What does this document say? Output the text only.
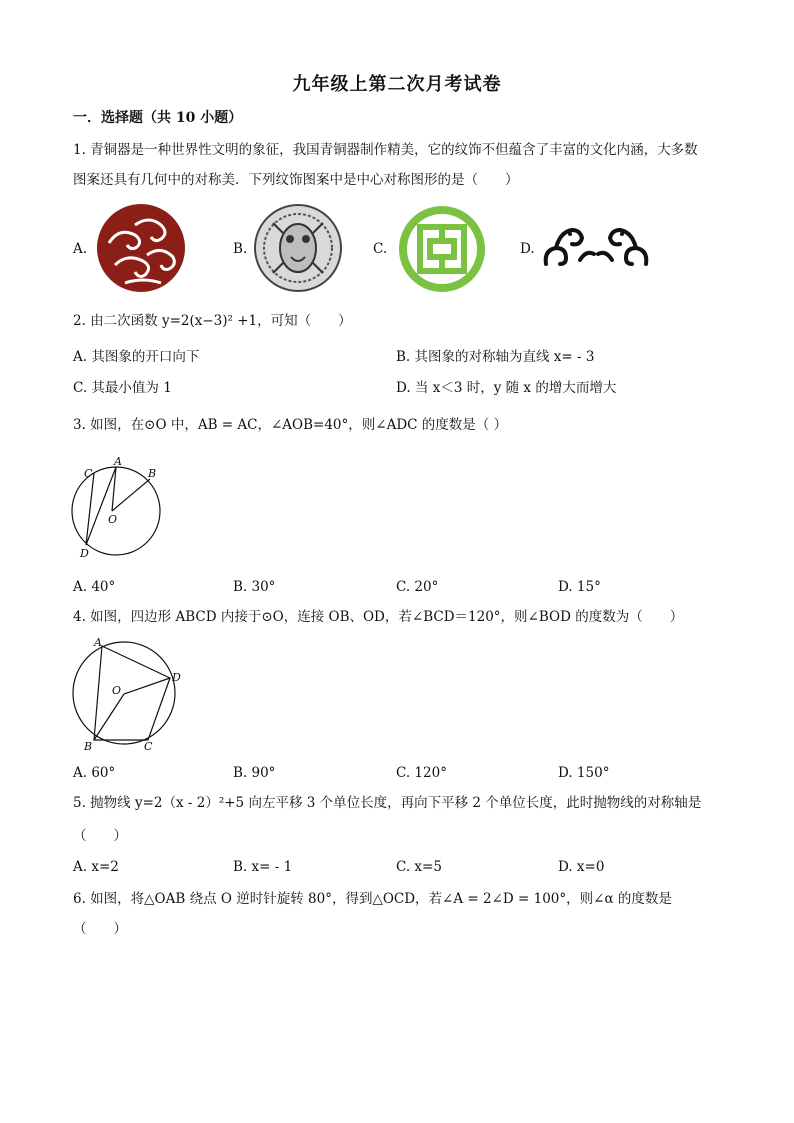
九年级上第二次月考试卷
一．选择题（共 10 小题）
1. 青铜器是一种世界性文明的象征，我国青铜器制作精美，它的纹饰不但蕴含了丰富的文化内涵，大多数
图案还具有几何中的对称美．下列纹饰图案中是中心对称图形的是（　　）
A.	B.	C.	D.
2. 由二次函数 y=2(x−3)² +1，可知（　　）
A. 其图象的开口向下	B. 其图象的对称轴为直线 x= - 3
C. 其最小值为 1	D. 当 x＜3 时，y 随 x 的增大而增大
3. 如图，在⊙O 中，AB = AC，∠AOB=40°，则∠ADC 的度数是（ ）
C
A
B
O
D
A. 40°	B. 30°	C. 20°	D. 15°
4. 如图，四边形 ABCD 内接于⊙O，连接 OB、OD，若∠BCD＝120°，则∠BOD 的度数为（　　）
A
D
O
B	C
A. 60°	B. 90°	C. 120°	D. 150°
5. 抛物线 y=2（x - 2）²+5 向左平移 3 个单位长度，再向下平移 2 个单位长度，此时抛物线的对称轴是
（　　）
A. x=2	B. x= - 1	C. x=5	D. x=0
6. 如图，将△OAB 绕点 O 逆时针旋转 80°，得到△OCD，若∠A = 2∠D = 100°，则∠α 的度数是
（　　）
